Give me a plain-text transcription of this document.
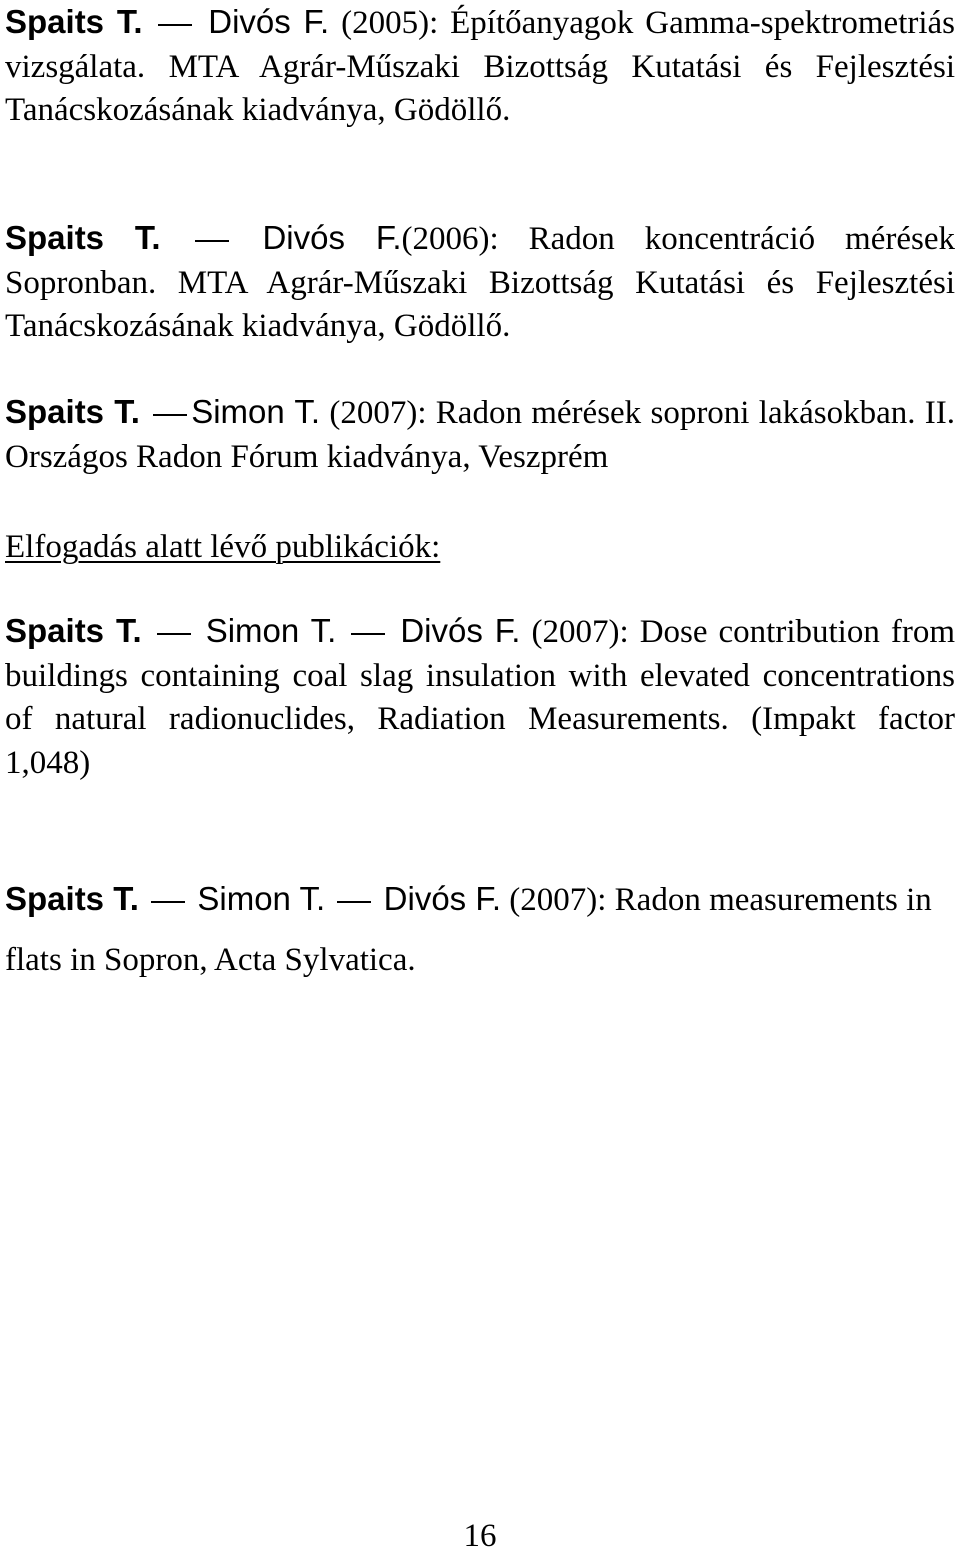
Spaits T. Divós F. (2005): Építőanyagok Gamma-spektrometriás vizsgálata. MTA Agrár-Műszaki Bizottság Kutatási és Fejlesztési Tanácskozásának kiadványa, Gödöllő.

Spaits T.	Divós F.(2006): Radon koncentráció mérések Sopronban. MTA Agrár-Műszaki Bizottság Kutatási és Fejlesztési Tanácskozásának kiadványa, Gödöllő.

Spaits T. Simon T. (2007): Radon mérések soproni lakásokban. II. Országos Radon Fórum kiadványa, Veszprém

Elfogadás alatt lévő publikációk:

Spaits T. Simon T. Divós F. (2007): Dose contribution from buildings containing coal slag insulation with elevated concentrations of natural radionuclides, Radiation Measurements. (Impakt factor 1,048)

Spaits T. Simon T. Divós F. (2007): Radon measurements in flats in Sopron, Acta Sylvatica.

16
